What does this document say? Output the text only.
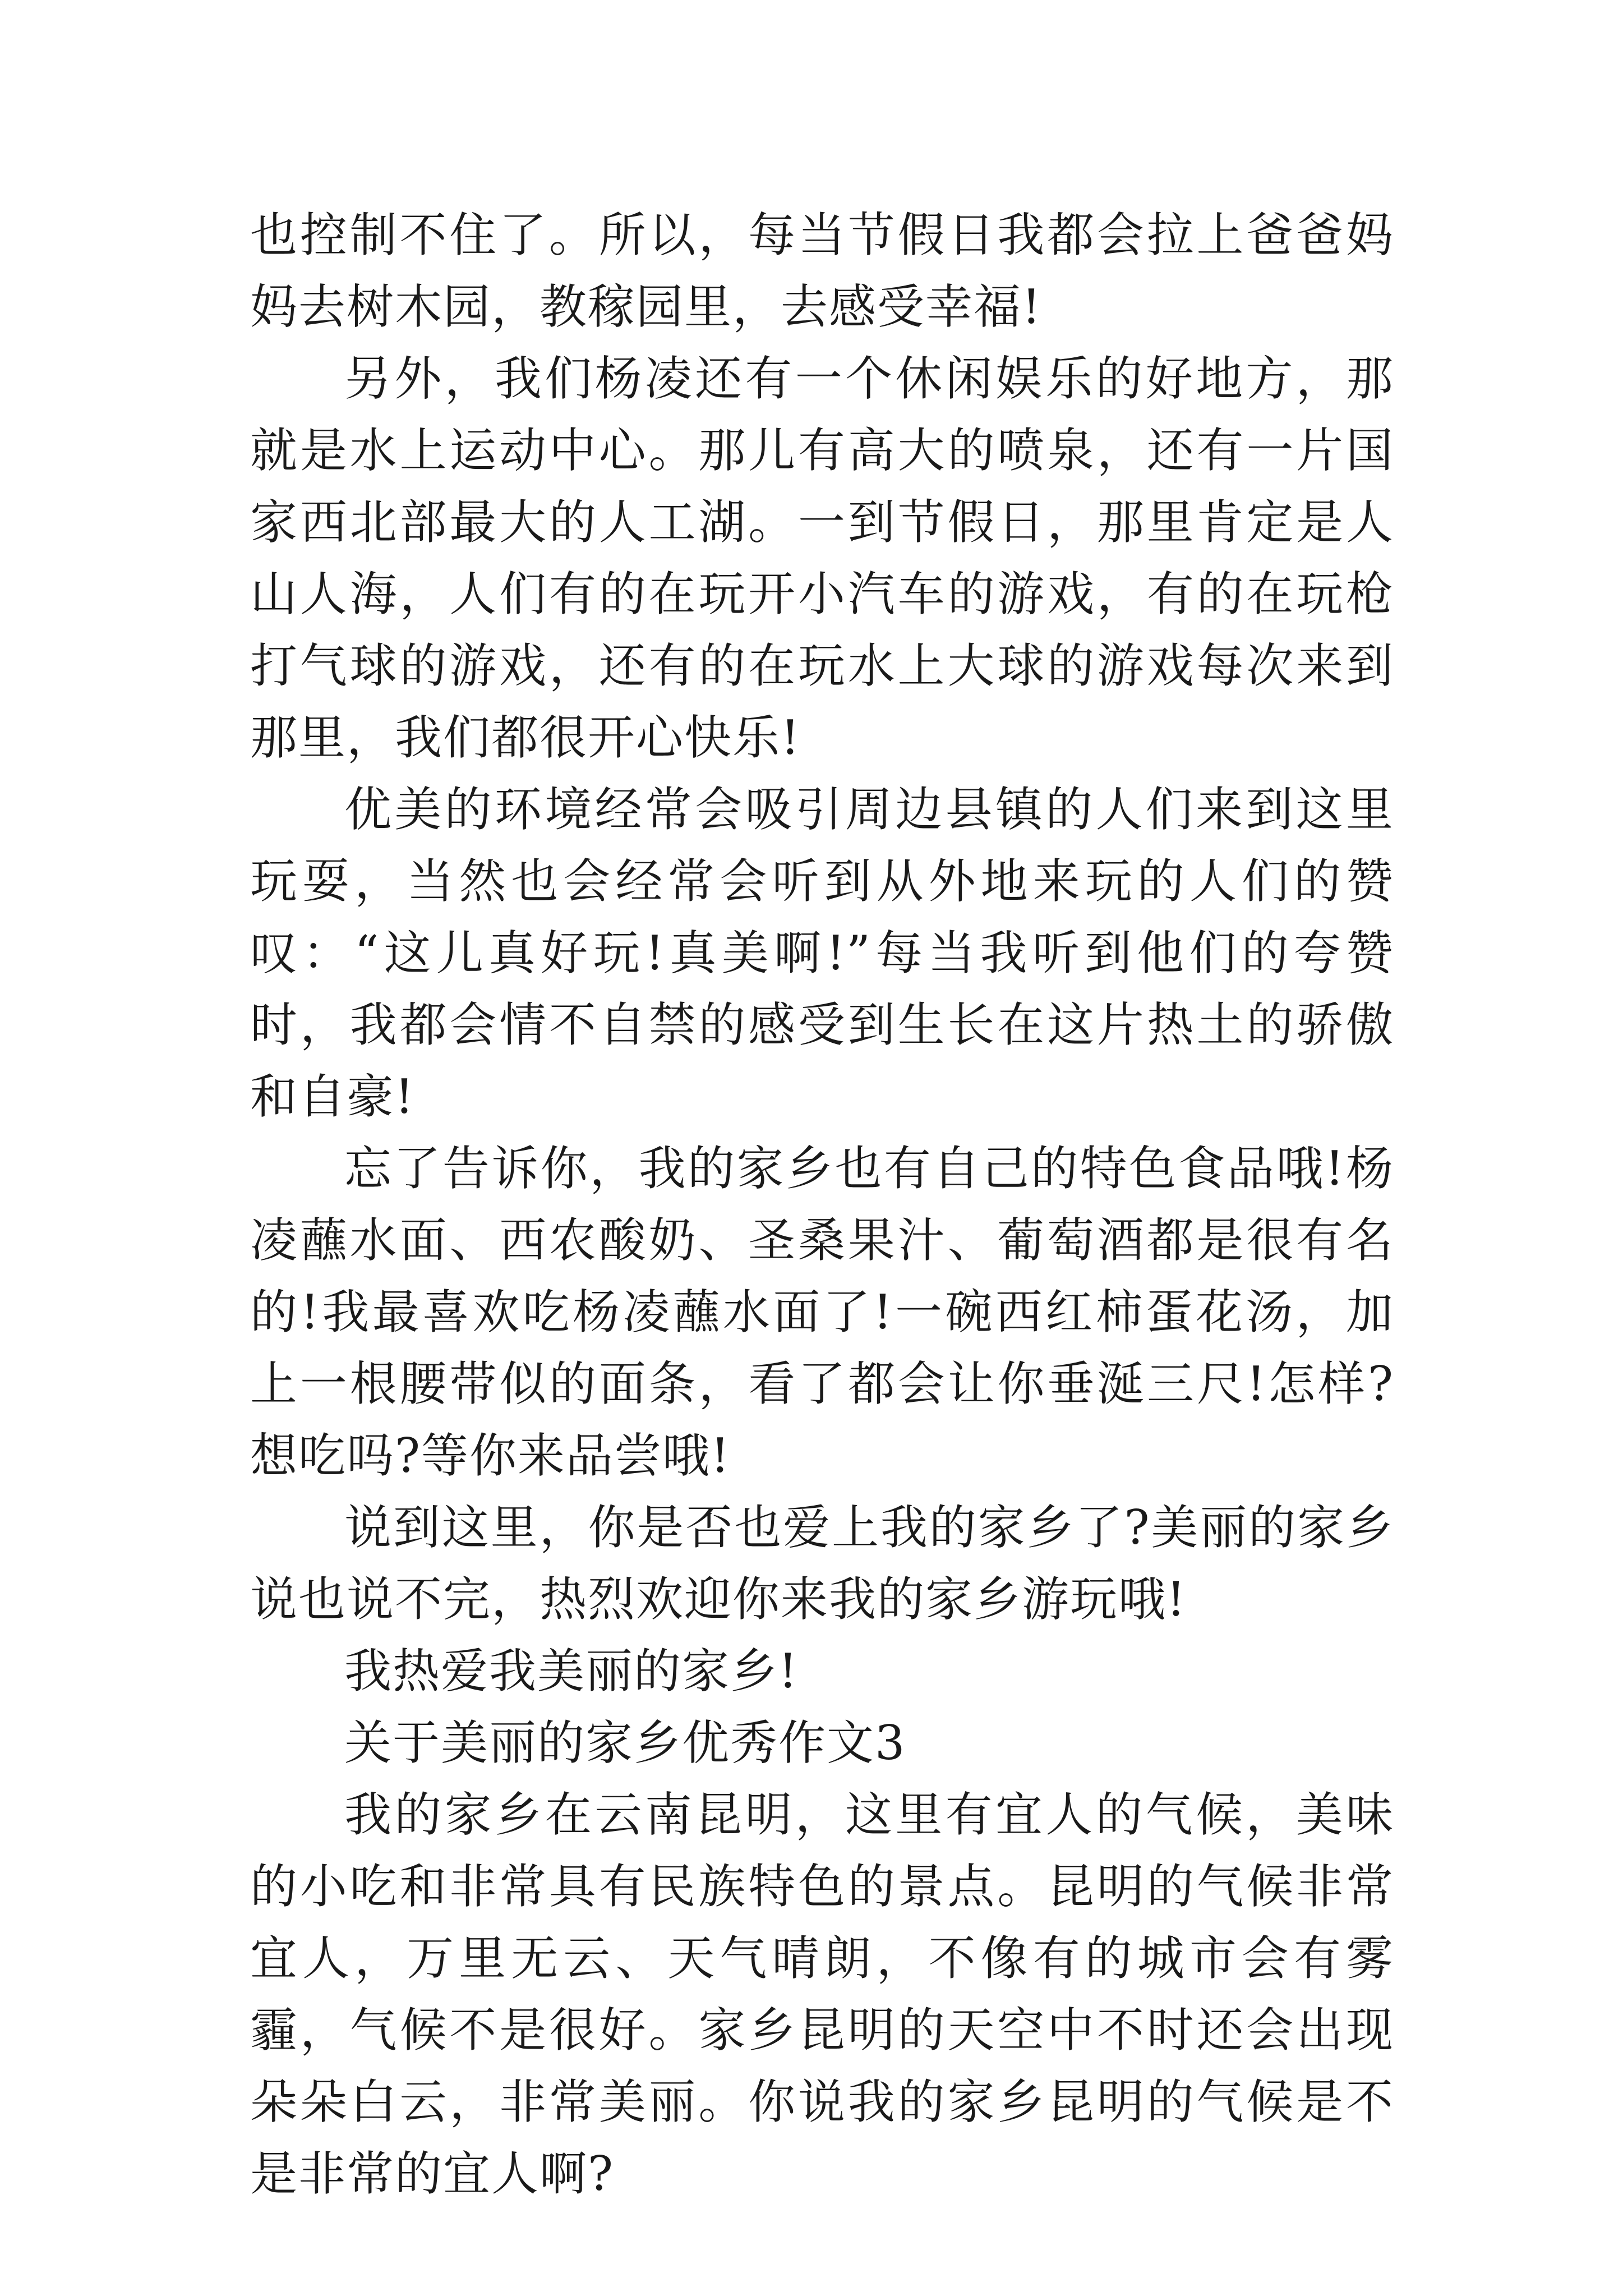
也控制不住了。所以，每当节假日我都会拉上爸爸妈妈去树木园，教稼园里，去感受幸福!

另外，我们杨凌还有一个休闲娱乐的好地方，那就是水上运动中心。那儿有高大的喷泉，还有一片国家西北部最大的人工湖。一到节假日，那里肯定是人山人海，人们有的在玩开小汽车的游戏，有的在玩枪打气球的游戏，还有的在玩水上大球的游戏每次来到那里，我们都很开心快乐!

优美的环境经常会吸引周边县镇的人们来到这里玩耍，当然也会经常会听到从外地来玩的人们的赞叹：“这儿真好玩!真美啊!”每当我听到他们的夸赞时，我都会情不自禁的感受到生长在这片热土的骄傲和自豪!

忘了告诉你，我的家乡也有自己的特色食品哦!杨凌蘸水面、西农酸奶、圣桑果汁、葡萄酒都是很有名的!我最喜欢吃杨凌蘸水面了!一碗西红柿蛋花汤，加上一根腰带似的面条，看了都会让你垂涎三尺!怎样?想吃吗?等你来品尝哦!

说到这里，你是否也爱上我的家乡了?美丽的家乡说也说不完，热烈欢迎你来我的家乡游玩哦!

我热爱我美丽的家乡!

关于美丽的家乡优秀作文3

我的家乡在云南昆明，这里有宜人的气候，美味的小吃和非常具有民族特色的景点。昆明的气候非常宜人，万里无云、天气晴朗，不像有的城市会有雾霾，气候不是很好。家乡昆明的天空中不时还会出现朵朵白云，非常美丽。你说我的家乡昆明的气候是不是非常的宜人啊?
